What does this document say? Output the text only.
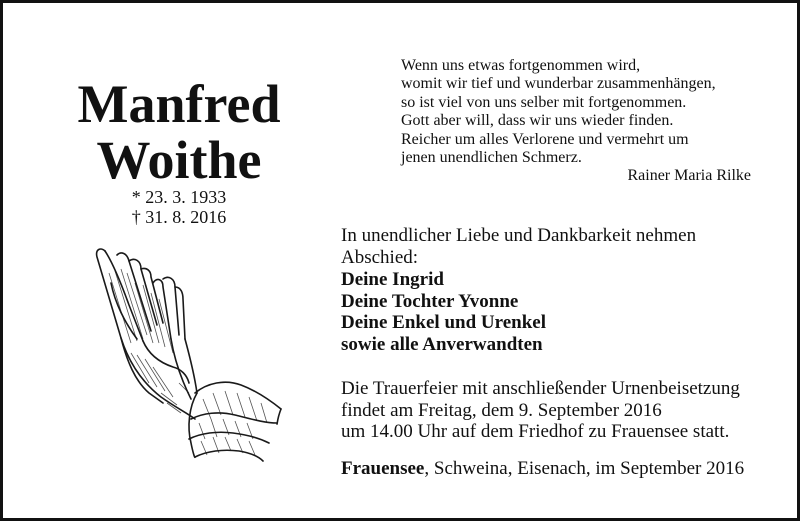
Manfred
Woithe
* 23. 3. 1933
† 31. 8. 2016
Wenn uns etwas fortgenommen wird,
womit wir tief und wunderbar zusammenhängen,
so ist viel von uns selber mit fortgenommen.
Gott aber will, dass wir uns wieder finden.
Reicher um alles Verlorene und vermehrt um
jenen unendlichen Schmerz.
Rainer Maria Rilke
In unendlicher Liebe und Dankbarkeit nehmen
Abschied:
Deine Ingrid
Deine Tochter Yvonne
Deine Enkel und Urenkel
sowie alle Anverwandten
Die Trauerfeier mit anschließender Urnenbeisetzung
findet am Freitag, dem 9. September 2016
um 14.00 Uhr auf dem Friedhof zu Frauensee statt.
Frauensee, Schweina, Eisenach, im September 2016
